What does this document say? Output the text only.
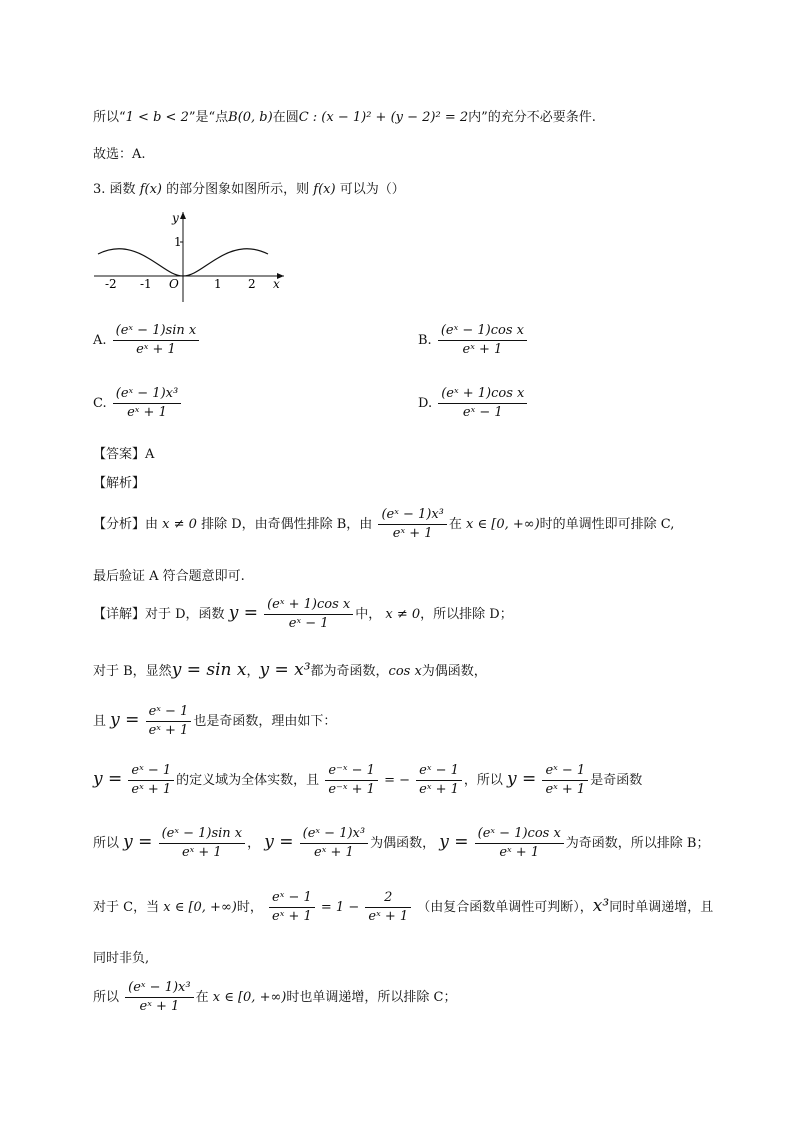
所以“1 < b < 2”是“点B(0, b)在圆C : (x − 1)² + (y − 2)² = 2内”的充分不必要条件.
故选：A.
3. 函数 f(x) 的部分图象如图所示，则 f(x) 可以为（）
y
x
O
1
-2 -1	1 2
A. $\frac{\text{(eˣ − 1)sin x}}{\text{eˣ + 1}}$	B. $\frac{\text{(eˣ − 1)cos x}}{\text{eˣ + 1}}$
C. $\frac{\text{(eˣ − 1)x³}}{\text{eˣ + 1}}$	D. $\frac{\text{(eˣ + 1)cos x}}{\text{eˣ − 1}}$
【答案】A
【解析】
【分析】由 x ≠ 0 排除 D，由奇偶性排除 B，由 $\frac{\text{(eˣ − 1)x³}}{\text{eˣ + 1}}$ 在 x ∈ [0, +∞)时的单调性即可排除 C,
最后验证 A 符合题意即可.
【详解】对于 D，函数 $y = \frac{\text{(eˣ + 1)cos x}}{\text{eˣ − 1}}$ 中， x ≠ 0，所以排除 D；
对于 B，显然y = sin x，y = x³都为奇函数，cos x为偶函数，
且 $y = \frac{\text{eˣ − 1}}{\text{eˣ + 1}}$ 也是奇函数，理由如下：
$y = \frac{\text{eˣ − 1}}{\text{eˣ + 1}}$ 的定义域为全体实数，且 $\frac{\text{e⁻ˣ − 1}}{\text{e⁻ˣ + 1}}$ = − $\frac{\text{eˣ − 1}}{\text{eˣ + 1}}$ ，所以 $y = \frac{\text{eˣ − 1}}{\text{eˣ + 1}}$ 是奇函数
所以 $y = \frac{\text{(eˣ − 1)sin x}}{\text{eˣ + 1}}$ ， $y = \frac{\text{(eˣ − 1)x³}}{\text{eˣ + 1}}$ 为偶函数， $y = \frac{\text{(eˣ − 1)cos x}}{\text{eˣ + 1}}$ 为奇函数，所以排除 B；
对于 C，当 x ∈ [0, +∞)时， $\frac{\text{eˣ − 1}}{\text{eˣ + 1}} = 1 - \frac{2}{\text{eˣ + 1}}$ （由复合函数单调性可判断），x³同时单调递增，且
同时非负,
所以 $\frac{\text{(eˣ − 1)x³}}{\text{eˣ + 1}}$ 在 x ∈ [0, +∞)时也单调递增，所以排除 C；
